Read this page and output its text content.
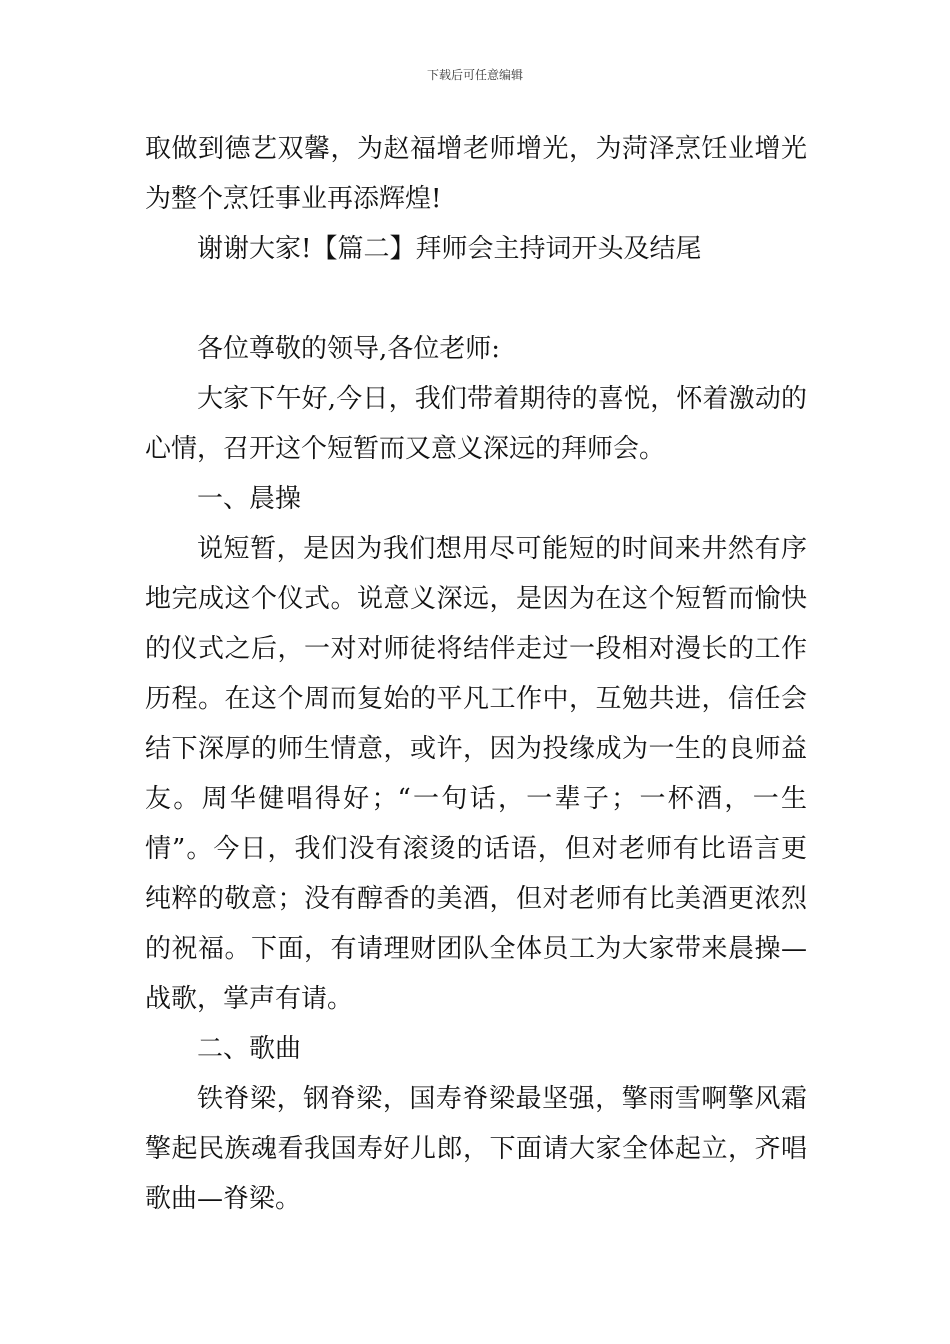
下载后可任意编辑

取做到德艺双馨，为赵福增老师增光，为菏泽烹饪业增光为整个烹饪事业再添辉煌!

谢谢大家!【篇二】拜师会主持词开头及结尾

各位尊敬的领导,各位老师:

大家下午好,今日，我们带着期待的喜悦，怀着激动的心情，召开这个短暂而又意义深远的拜师会。

一、晨操

说短暂，是因为我们想用尽可能短的时间来井然有序地完成这个仪式。说意义深远，是因为在这个短暂而愉快的仪式之后，一对对师徒将结伴走过一段相对漫长的工作历程。在这个周而复始的平凡工作中，互勉共进，信任会结下深厚的师生情意，或许，因为投缘成为一生的良师益友。周华健唱得好；“一句话，一辈子；一杯酒，一生情”。今日，我们没有滚烫的话语，但对老师有比语言更纯粹的敬意；没有醇香的美酒，但对老师有比美酒更浓烈的祝福。下面，有请理财团队全体员工为大家带来晨操—战歌，掌声有请。

二、歌曲

铁脊梁，钢脊梁，国寿脊梁最坚强，擎雨雪啊擎风霜擎起民族魂看我国寿好儿郎，下面请大家全体起立，齐唱歌曲—脊梁。
